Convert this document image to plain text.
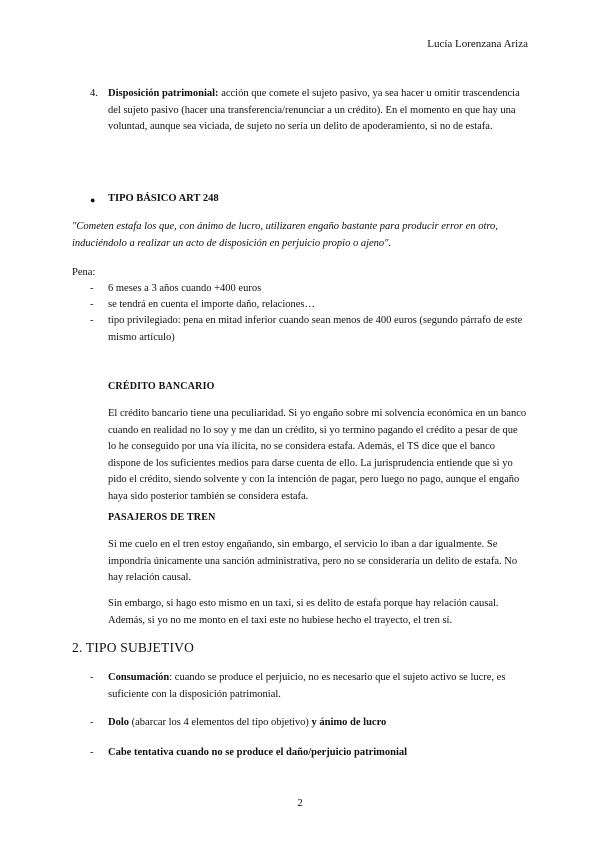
Lucía Lorenzana Ariza
4. Disposición patrimonial: acción que comete el sujeto pasivo, ya sea hacer u omitir trascendencia del sujeto pasivo (hacer una transferencia/renunciar a un crédito). En el momento en que hay una voluntad, aunque sea viciada, de sujeto no sería un delito de apoderamiento, si no de estafa.
● TIPO BÁSICO ART 248
"Cometen estafa los que, con ánimo de lucro, utilizaren engaño bastante para producir error en otro, induciéndolo a realizar un acto de disposición en perjuicio propio o ajeno".
Pena:
- 6 meses a 3 años cuando +400 euros
- se tendrá en cuenta el importe daño, relaciones…
- tipo privilegiado: pena en mitad inferior cuando sean menos de 400 euros (segundo párrafo de este mismo artículo)
CRÉDITO BANCARIO
El crédito bancario tiene una peculiaridad. Si yo engaño sobre mi solvencia económica en un banco cuando en realidad no lo soy y me dan un crédito, si yo termino pagando el crédito a pesar de que lo he conseguido por una vía ilícita, no se considera estafa. Además, el TS dice que el banco dispone de los suficientes medios para darse cuenta de ello. La jurisprudencia entiende que si yo pido el crédito, siendo solvente y con la intención de pagar, pero luego no pago, aunque el engaño haya sido posterior también se considera estafa.
PASAJEROS DE TREN
Si me cuelo en el tren estoy engañando, sin embargo, el servicio lo iban a dar igualmente. Se impondría únicamente una sanción administrativa, pero no se consideraría un delito de estafa. No hay relación causal.
Sin embargo, si hago esto mismo en un taxi, si es delito de estafa porque hay relación causal. Además, si yo no me monto en el taxi este no hubiese hecho el trayecto, el tren sí.
2. TIPO SUBJETIVO
- Consumación: cuando se produce el perjuicio, no es necesario que el sujeto activo se lucre, es suficiente con la disposición patrimonial.
- Dolo (abarcar los 4 elementos del tipo objetivo) y ánimo de lucro
- Cabe tentativa cuando no se produce el daño/perjuicio patrimonial
2
